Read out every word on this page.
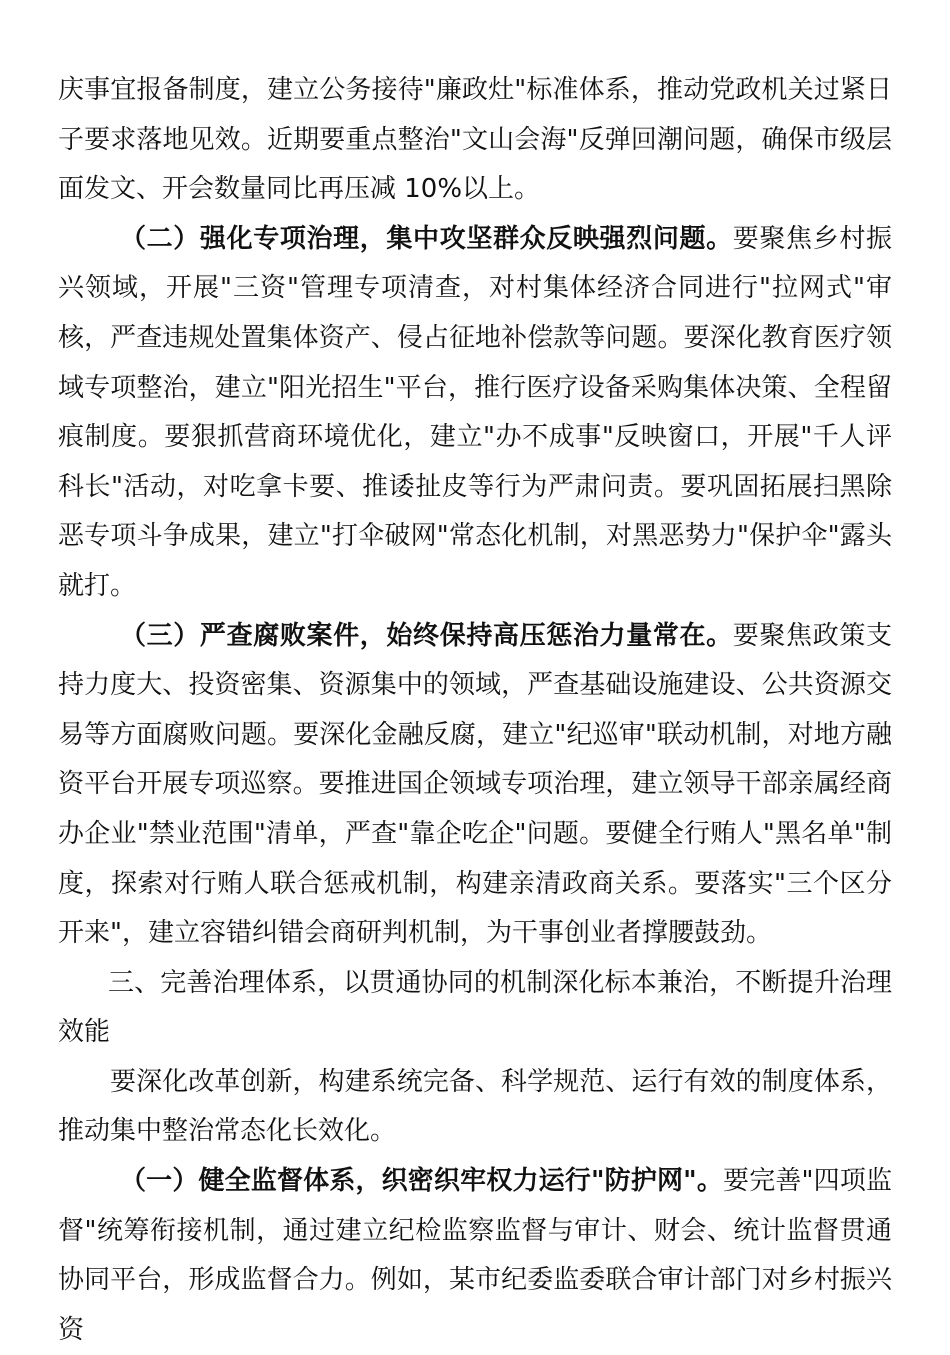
庆事宜报备制度，建立公务接待"廉政灶"标准体系，推动党政机关过紧日子要求落地见效。近期要重点整治"文山会海"反弹回潮问题，确保市级层面发文、开会数量同比再压减 10%以上。

（二）强化专项治理，集中攻坚群众反映强烈问题。要聚焦乡村振兴领域，开展"三资"管理专项清查，对村集体经济合同进行"拉网式"审核，严查违规处置集体资产、侵占征地补偿款等问题。要深化教育医疗领域专项整治，建立"阳光招生"平台，推行医疗设备采购集体决策、全程留痕制度。要狠抓营商环境优化，建立"办不成事"反映窗口，开展"千人评科长"活动，对吃拿卡要、推诿扯皮等行为严肃问责。要巩固拓展扫黑除恶专项斗争成果，建立"打伞破网"常态化机制，对黑恶势力"保护伞"露头就打。

（三）严查腐败案件，始终保持高压惩治力量常在。要聚焦政策支持力度大、投资密集、资源集中的领域，严查基础设施建设、公共资源交易等方面腐败问题。要深化金融反腐，建立"纪巡审"联动机制，对地方融资平台开展专项巡察。要推进国企领域专项治理，建立领导干部亲属经商办企业"禁业范围"清单，严查"靠企吃企"问题。要健全行贿人"黑名单"制度，探索对行贿人联合惩戒机制，构建亲清政商关系。要落实"三个区分开来"，建立容错纠错会商研判机制，为干事创业者撑腰鼓劲。

三、完善治理体系，以贯通协同的机制深化标本兼治，不断提升治理效能

要深化改革创新，构建系统完备、科学规范、运行有效的制度体系，推动集中整治常态化长效化。

（一）健全监督体系，织密织牢权力运行"防护网"。要完善"四项监督"统筹衔接机制，通过建立纪检监察监督与审计、财会、统计监督贯通协同平台，形成监督合力。例如，某市纪委监委联合审计部门对乡村振兴资
